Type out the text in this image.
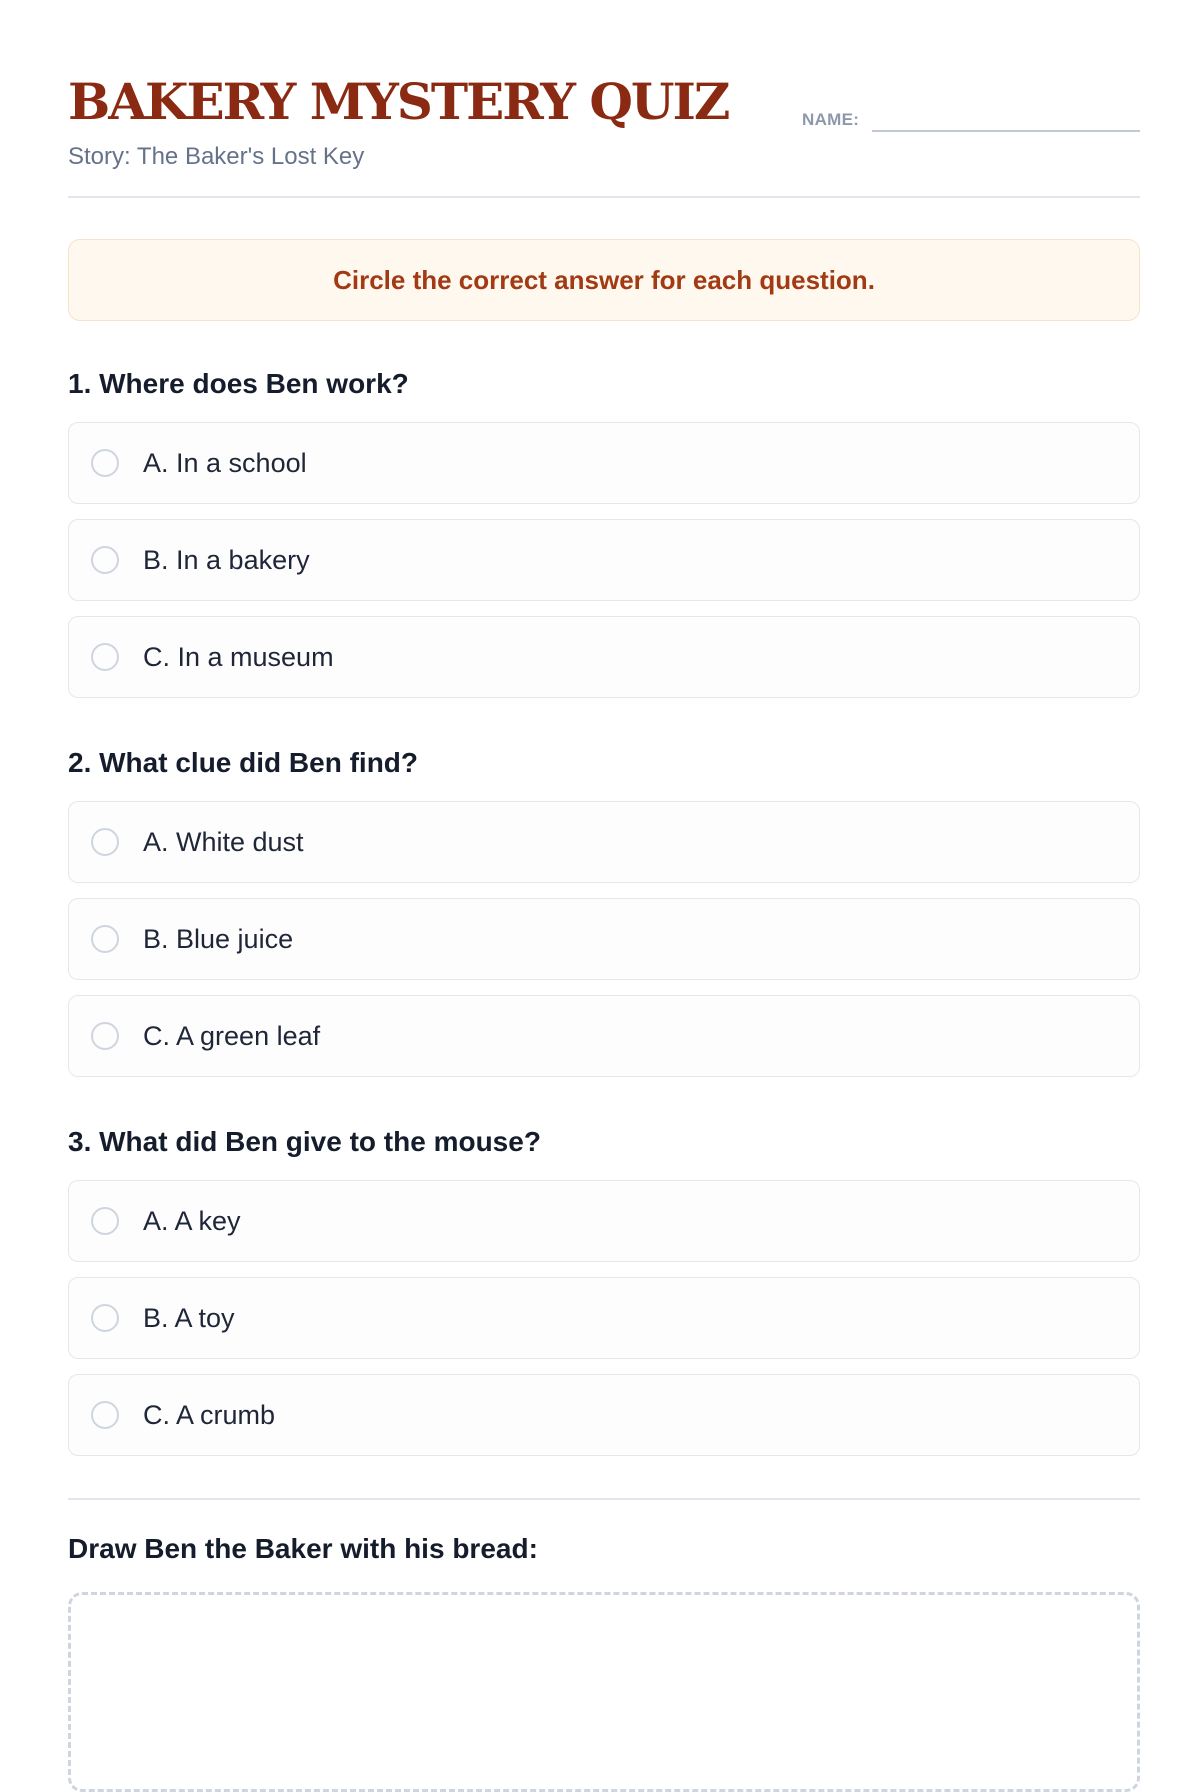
BAKERY MYSTERY QUIZ
Story: The Baker's Lost Key
NAME:
Circle the correct answer for each question.
1. Where does Ben work?
A. In a school
B. In a bakery
C. In a museum
2. What clue did Ben find?
A. White dust
B. Blue juice
C. A green leaf
3. What did Ben give to the mouse?
A. A key
B. A toy
C. A crumb
Draw Ben the Baker with his bread:
